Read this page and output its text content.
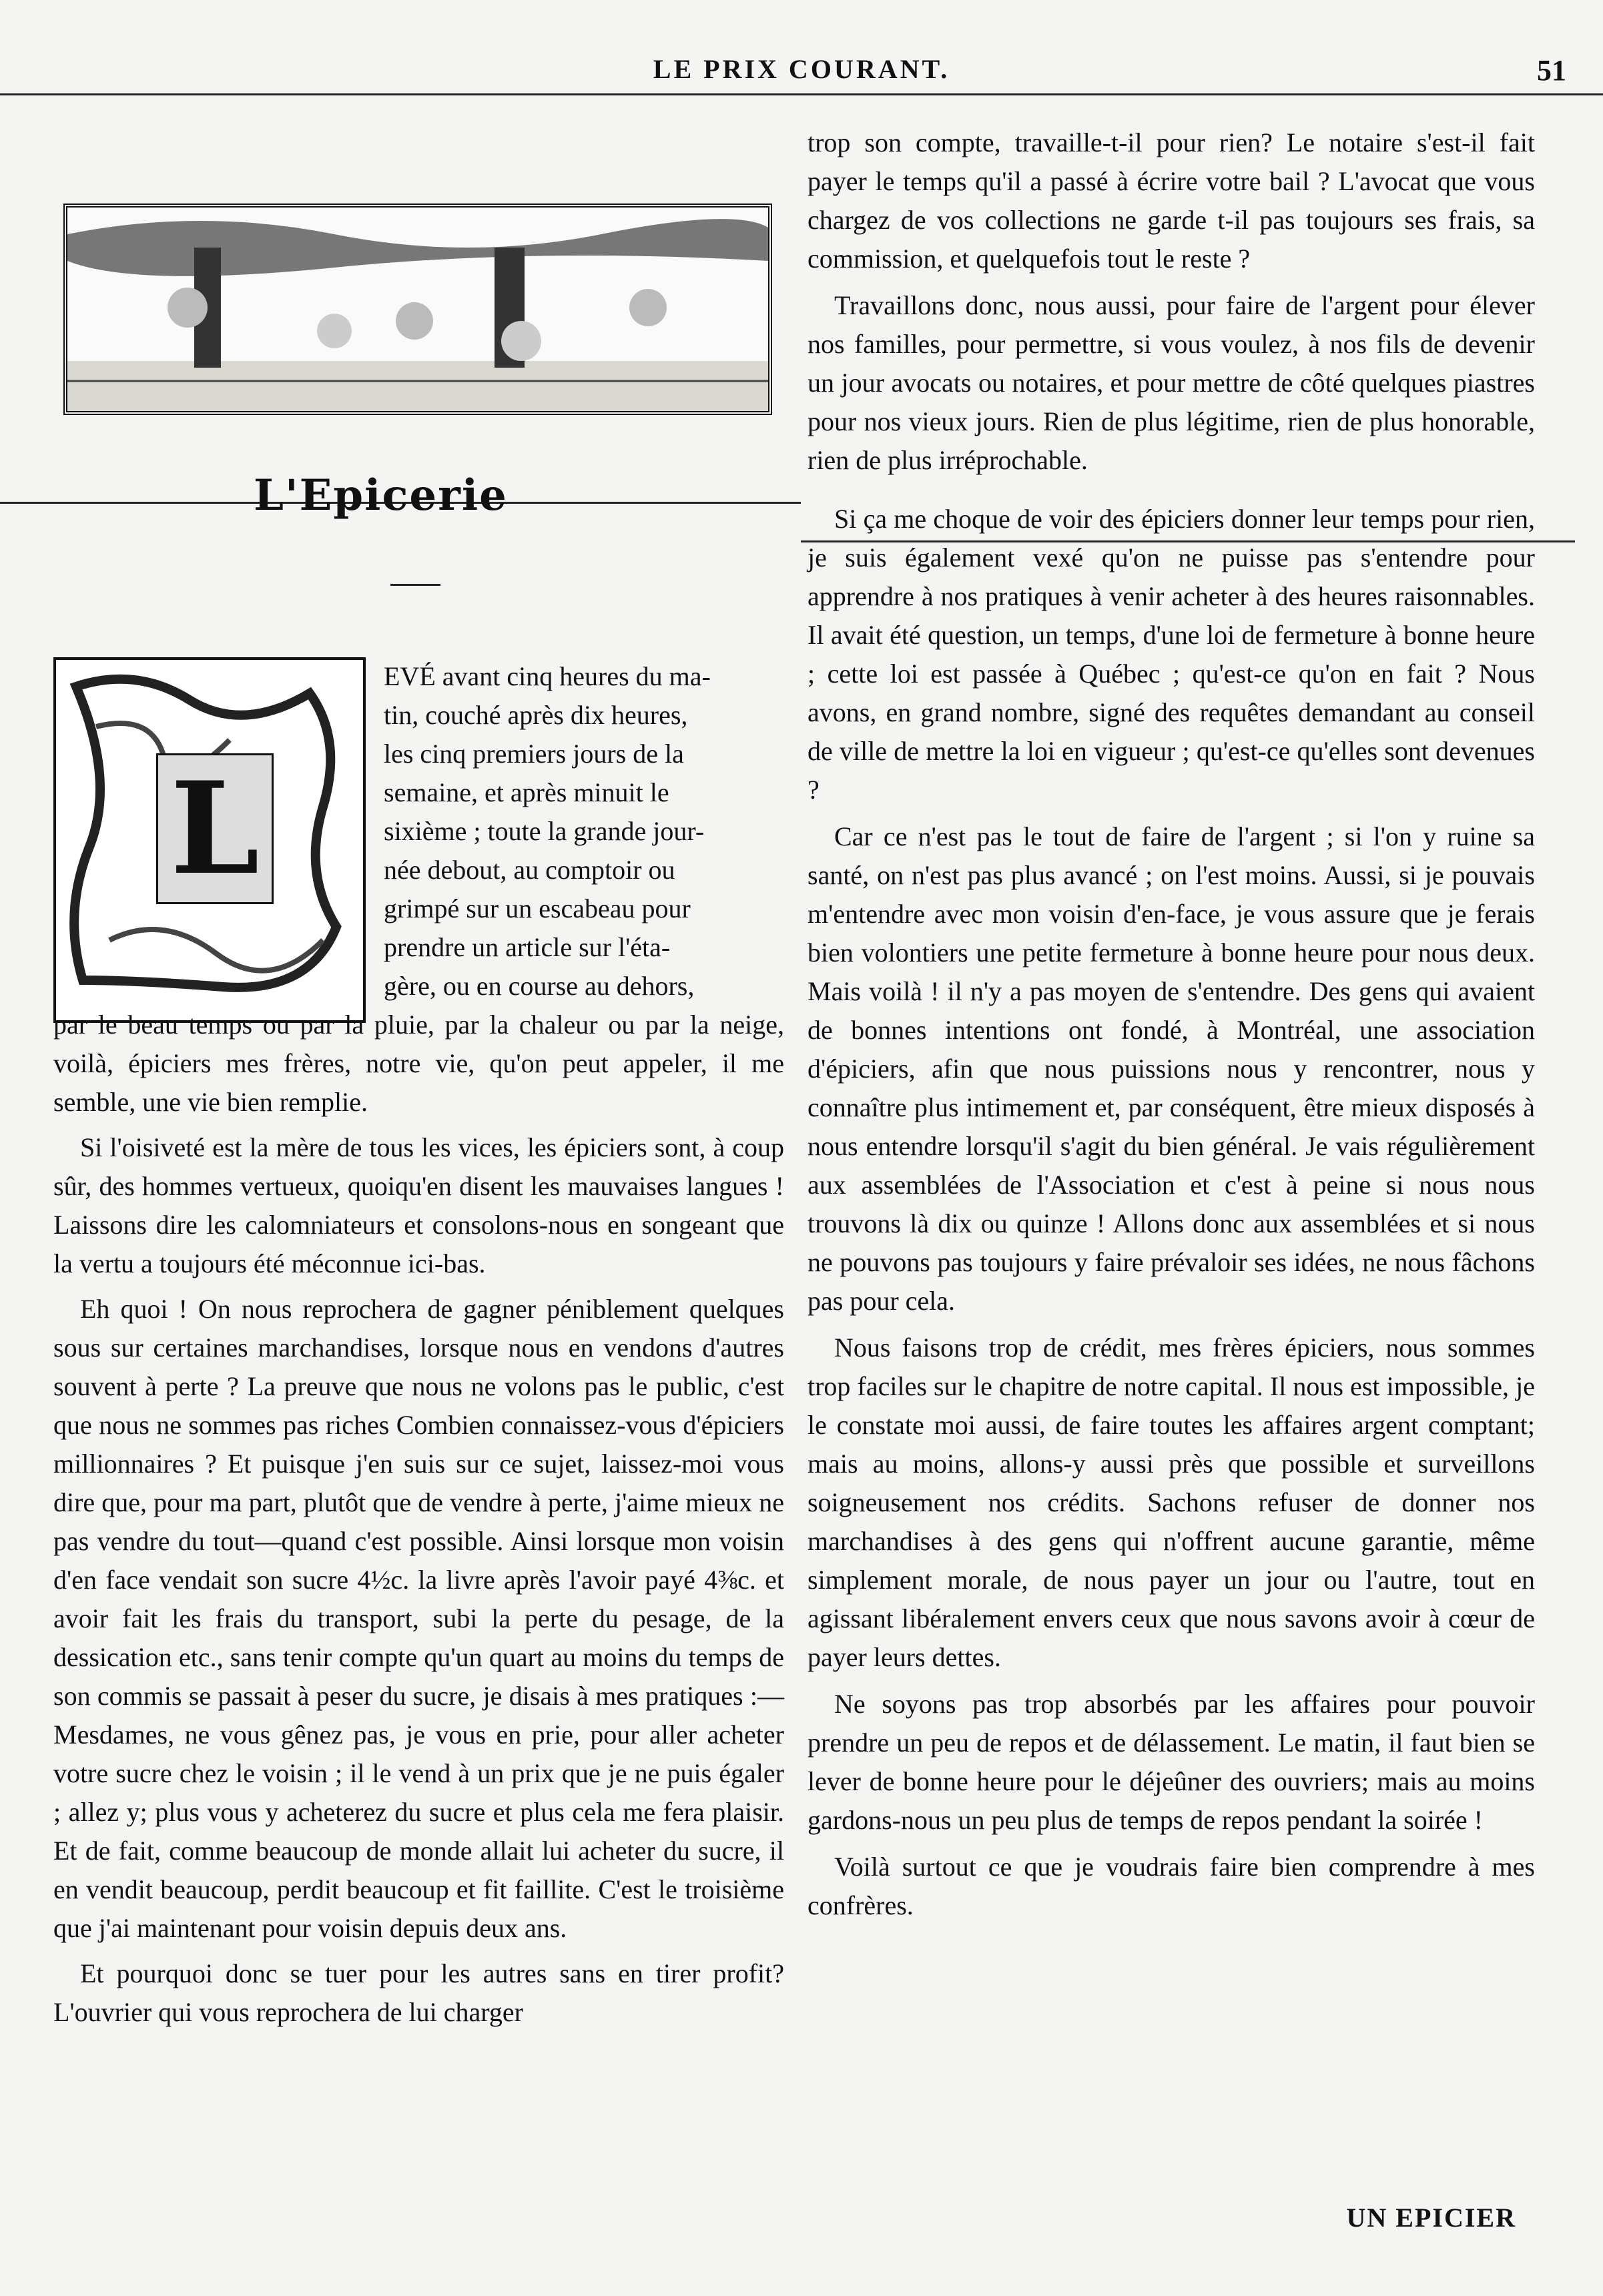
LE PRIX COURANT.	51
L'Epicerie
L

EVÉ avant cinq heures du ma-

tin, couché après dix heures,

les cinq premiers jours de la

semaine, et après minuit le

sixième ; toute la grande jour-

née debout, au comptoir ou

grimpé sur un escabeau pour

prendre un article sur l'éta-

gère, ou en course au dehors,

par le beau temps ou par la pluie, par la chaleur ou par la neige, voilà, épiciers mes frères, notre vie, qu'on peut appeler, il me semble, une vie bien remplie.

Si l'oisiveté est la mère de tous les vices, les épiciers sont, à coup sûr, des hommes vertueux, quoiqu'en disent les mauvaises langues ! Laissons dire les calomniateurs et consolons-nous en songeant que la vertu a toujours été méconnue ici-bas.

Eh quoi ! On nous reprochera de gagner péniblement quelques sous sur certaines marchandises, lorsque nous en vendons d'autres souvent à perte ? La preuve que nous ne volons pas le public, c'est que nous ne sommes pas riches Combien connaissez-vous d'épiciers millionnaires ? Et puisque j'en suis sur ce sujet, laissez-moi vous dire que, pour ma part, plutôt que de vendre à perte, j'aime mieux ne pas vendre du tout—quand c'est possible. Ainsi lorsque mon voisin d'en face vendait son sucre 4½c. la livre après l'avoir payé 4⅜c. et avoir fait les frais du transport, subi la perte du pesage, de la dessication etc., sans tenir compte qu'un quart au moins du temps de son commis se passait à peser du sucre, je disais à mes pratiques :—Mesdames, ne vous gênez pas, je vous en prie, pour aller acheter votre sucre chez le voisin ; il le vend à un prix que je ne puis égaler ; allez y; plus vous y acheterez du sucre et plus cela me fera plaisir. Et de fait, comme beaucoup de monde allait lui acheter du sucre, il en vendit beaucoup, perdit beaucoup et fit faillite. C'est le troisième que j'ai maintenant pour voisin depuis deux ans.

Et pourquoi donc se tuer pour les autres sans en tirer profit? L'ouvrier qui vous reprochera de lui charger

trop son compte, travaille-t-il pour rien? Le notaire s'est-il fait payer le temps qu'il a passé à écrire votre bail ? L'avocat que vous chargez de vos collections ne garde t-il pas toujours ses frais, sa commission, et quelquefois tout le reste ?

Travaillons donc, nous aussi, pour faire de l'argent pour élever nos familles, pour permettre, si vous voulez, à nos fils de devenir un jour avocats ou notaires, et pour mettre de côté quelques piastres pour nos vieux jours. Rien de plus légitime, rien de plus honorable, rien de plus irréprochable.

Si ça me choque de voir des épiciers donner leur temps pour rien, je suis également vexé qu'on ne puisse pas s'entendre pour apprendre à nos pratiques à venir acheter à des heures raisonnables. Il avait été question, un temps, d'une loi de fermeture à bonne heure ; cette loi est passée à Québec ; qu'est-ce qu'on en fait ? Nous avons, en grand nombre, signé des requêtes demandant au conseil de ville de mettre la loi en vigueur ; qu'est-ce qu'elles sont devenues ?

Car ce n'est pas le tout de faire de l'argent ; si l'on y ruine sa santé, on n'est pas plus avancé ; on l'est moins. Aussi, si je pouvais m'entendre avec mon voisin d'en-face, je vous assure que je ferais bien volontiers une petite fermeture à bonne heure pour nous deux. Mais voilà ! il n'y a pas moyen de s'entendre. Des gens qui avaient de bonnes intentions ont fondé, à Montréal, une association d'épiciers, afin que nous puissions nous y rencontrer, nous y connaître plus intimement et, par conséquent, être mieux disposés à nous entendre lorsqu'il s'agit du bien général. Je vais régulièrement aux assemblées de l'Association et c'est à peine si nous nous trouvons là dix ou quinze ! Allons donc aux assemblées et si nous ne pouvons pas toujours y faire prévaloir ses idées, ne nous fâchons pas pour cela.

Nous faisons trop de crédit, mes frères épiciers, nous sommes trop faciles sur le chapitre de notre capital. Il nous est impossible, je le constate moi aussi, de faire toutes les affaires argent comptant; mais au moins, allons-y aussi près que possible et surveillons soigneusement nos crédits. Sachons refuser de donner nos marchandises à des gens qui n'offrent aucune garantie, même simplement morale, de nous payer un jour ou l'autre, tout en agissant libéralement envers ceux que nous savons avoir à cœur de payer leurs dettes.

Ne soyons pas trop absorbés par les affaires pour pouvoir prendre un peu de repos et de délassement. Le matin, il faut bien se lever de bonne heure pour le déjeûner des ouvriers; mais au moins gardons-nous un peu plus de temps de repos pendant la soirée !

Voilà surtout ce que je voudrais faire bien comprendre à mes confrères.

UN EPICIER
